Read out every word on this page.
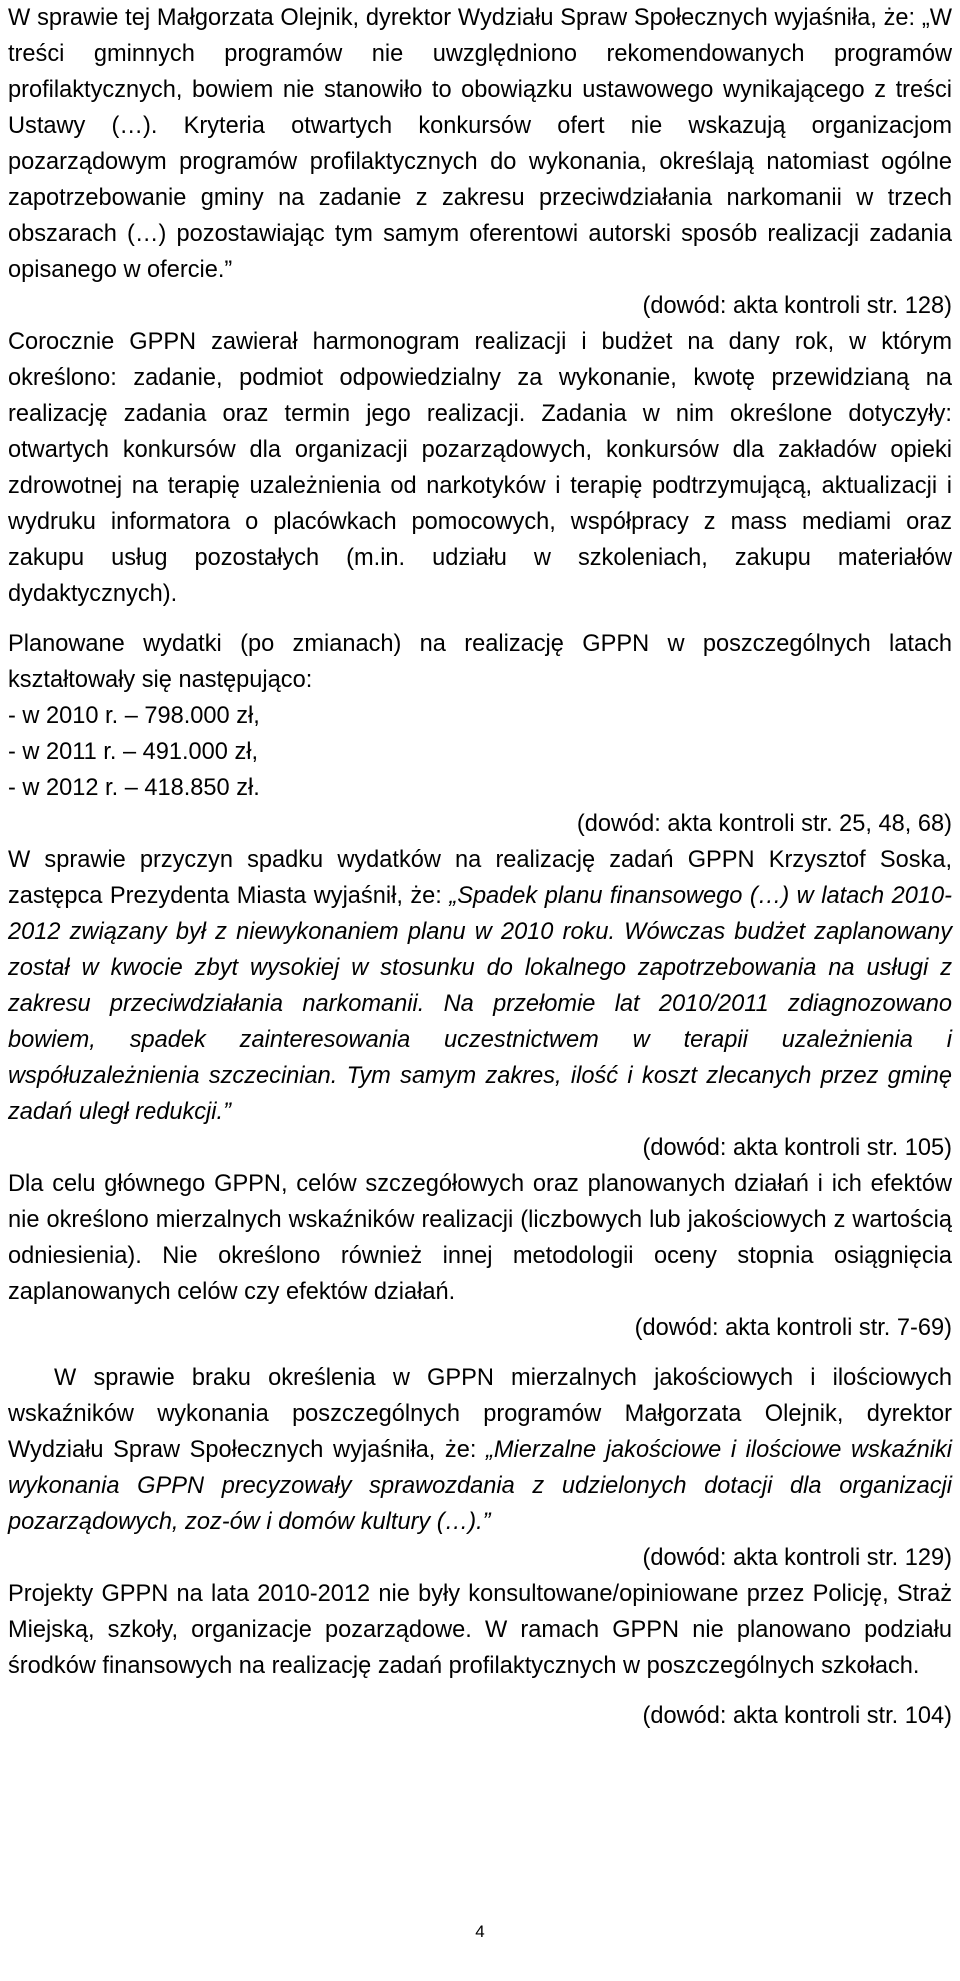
W sprawie tej Małgorzata Olejnik, dyrektor Wydziału Spraw Społecznych wyjaśniła, że: „W treści gminnych programów nie uwzględniono rekomendowanych programów profilaktycznych, bowiem nie stanowiło to obowiązku ustawowego wynikającego z treści Ustawy (…). Kryteria otwartych konkursów ofert nie wskazują organizacjom pozarządowym programów profilaktycznych do wykonania, określają natomiast ogólne zapotrzebowanie gminy na zadanie z zakresu przeciwdziałania narkomanii w trzech obszarach (…) pozostawiając tym samym oferentowi autorski sposób realizacji zadania opisanego w ofercie.”

(dowód: akta kontroli str. 128)

Corocznie GPPN zawierał harmonogram realizacji i budżet na dany rok, w którym określono: zadanie, podmiot odpowiedzialny za wykonanie, kwotę przewidzianą na realizację zadania oraz termin jego realizacji. Zadania w nim określone dotyczyły: otwartych konkursów dla organizacji pozarządowych, konkursów dla zakładów opieki zdrowotnej na terapię uzależnienia od narkotyków i terapię podtrzymującą, aktualizacji i wydruku informatora o placówkach pomocowych, współpracy z mass mediami oraz zakupu usług pozostałych (m.in. udziału w szkoleniach, zakupu materiałów dydaktycznych).

Planowane wydatki (po zmianach) na realizację GPPN w poszczególnych latach kształtowały się następująco:

- w 2010 r. – 798.000 zł,
- w 2011 r. – 491.000 zł,
- w 2012 r. – 418.850 zł.

(dowód: akta kontroli str. 25, 48, 68)

W sprawie przyczyn spadku wydatków na realizację zadań GPPN Krzysztof Soska, zastępca Prezydenta Miasta wyjaśnił, że: „Spadek planu finansowego (…) w latach 2010-2012 związany był z niewykonaniem planu w 2010 roku. Wówczas budżet zaplanowany został w kwocie zbyt wysokiej w stosunku do lokalnego zapotrzebowania na usługi z zakresu przeciwdziałania narkomanii. Na przełomie lat 2010/2011 zdiagnozowano bowiem, spadek zainteresowania uczestnictwem w terapii uzależnienia i współuzależnienia szczecinian. Tym samym zakres, ilość i koszt zlecanych przez gminę zadań uległ redukcji.”

(dowód: akta kontroli str. 105)

Dla celu głównego GPPN, celów szczegółowych oraz planowanych działań i ich efektów nie określono mierzalnych wskaźników realizacji (liczbowych lub jakościowych z wartością odniesienia). Nie określono również innej metodologii oceny stopnia osiągnięcia zaplanowanych celów czy efektów działań.

(dowód: akta kontroli str. 7-69)

W sprawie braku określenia w GPPN mierzalnych jakościowych i ilościowych wskaźników wykonania poszczególnych programów Małgorzata Olejnik, dyrektor Wydziału Spraw Społecznych wyjaśniła, że: „Mierzalne jakościowe i ilościowe wskaźniki wykonania GPPN precyzowały sprawozdania z udzielonych dotacji dla organizacji pozarządowych, zoz-ów i domów kultury (…).”

(dowód: akta kontroli str. 129)

Projekty GPPN na lata 2010-2012 nie były konsultowane/opiniowane przez Policję, Straż Miejską, szkoły, organizacje pozarządowe. W ramach GPPN nie planowano podziału środków finansowych na realizację zadań profilaktycznych w poszczególnych szkołach.

(dowód: akta kontroli str. 104)

4
